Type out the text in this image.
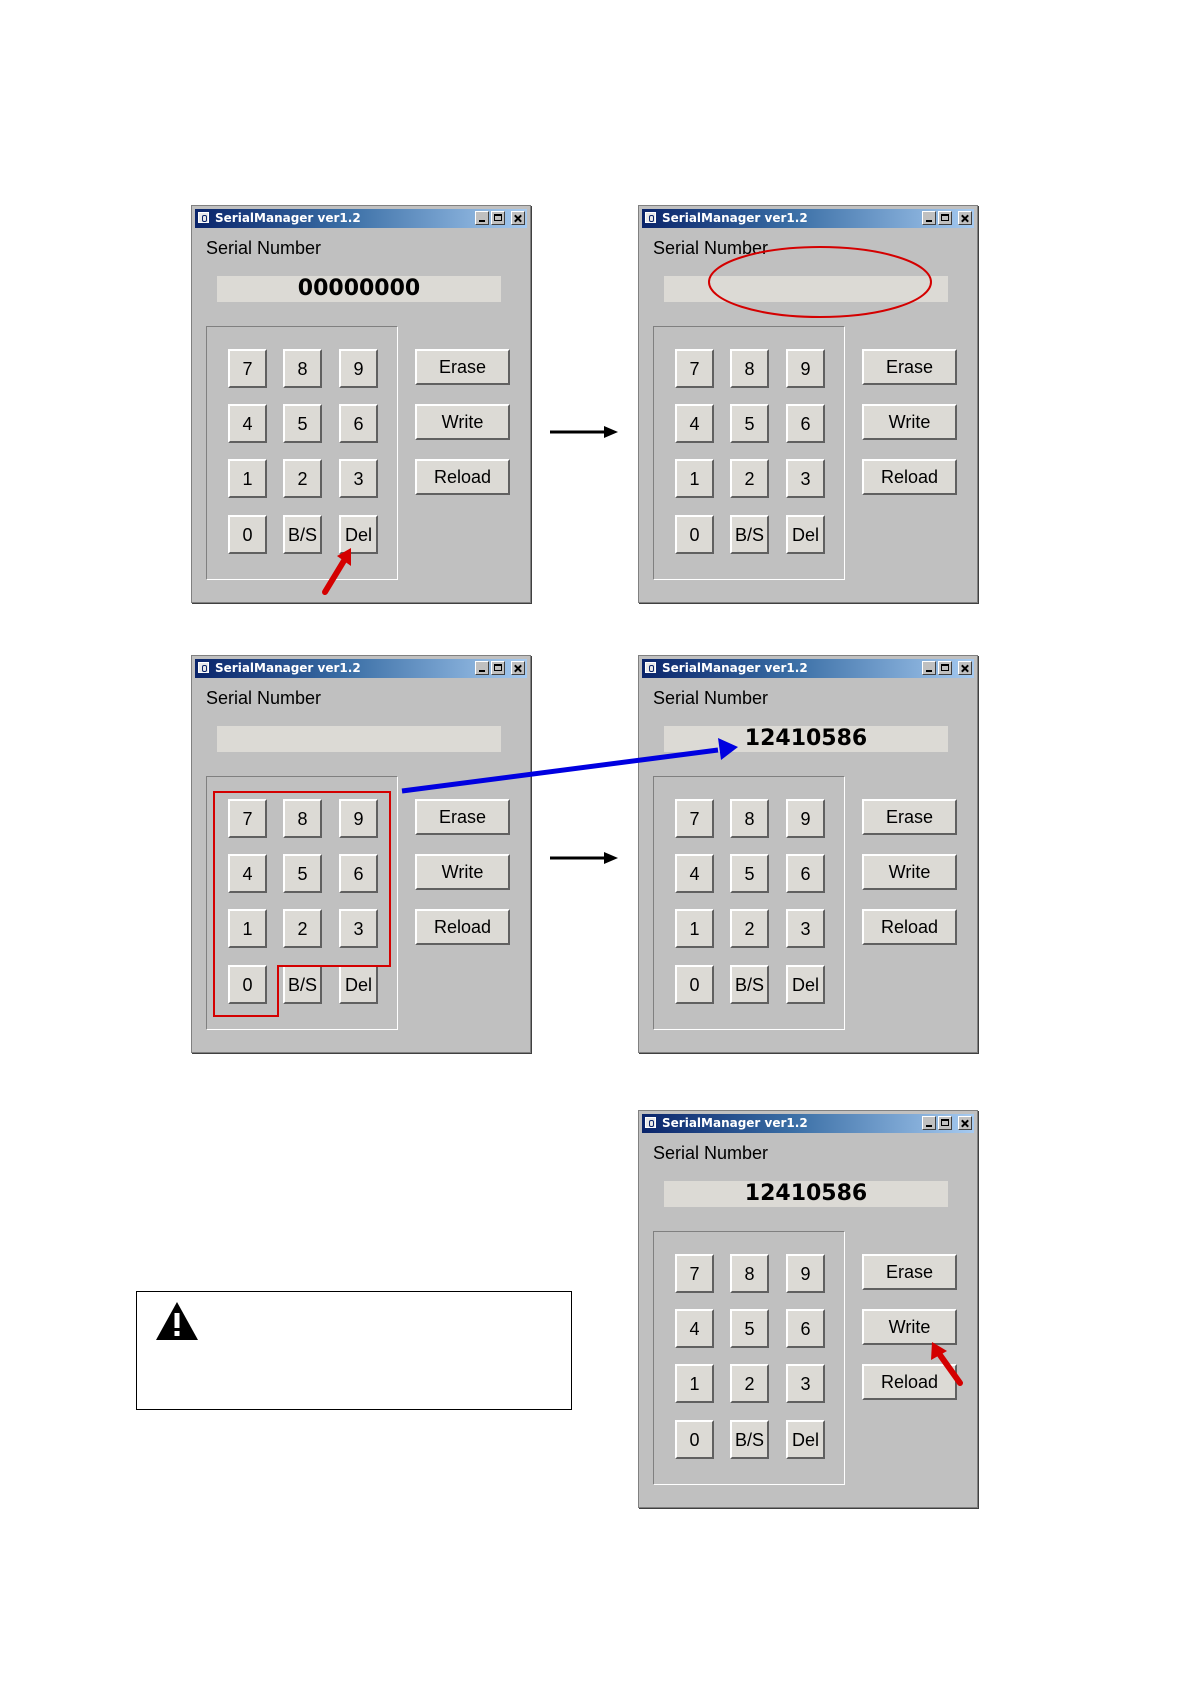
SerialManager ver1.2
Serial Number
00000000
7	8	9
4	5	6
1	2	3
0	B/S	Del
Erase
Write
Reload
SerialManager ver1.2
Serial Number
7	8	9
4	5	6
1	2	3
0	B/S	Del
Erase
Write
Reload
SerialManager ver1.2
Serial Number
7	8	9
4	5	6
1	2	3
0	B/S	Del
Erase
Write
Reload
SerialManager ver1.2
Serial Number
12410586
7	8	9
4	5	6
1	2	3
0	B/S	Del
Erase
Write
Reload
SerialManager ver1.2
Serial Number
12410586
7	8	9
4	5	6
1	2	3
0	B/S	Del
Erase
Write
Reload
